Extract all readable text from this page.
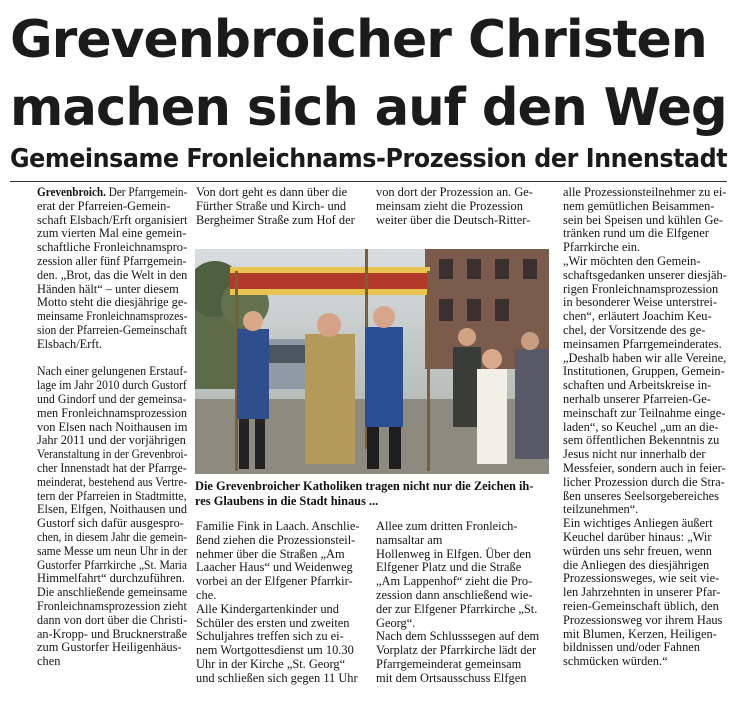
Grevenbroicher Christen
machen sich auf den Weg
Gemeinsame Fronleichnams-Prozession der Innenstadt

Grevenbroich. Der Pfarrgemein-

erat der Pfarreien-Gemein-

schaft Elsbach/Erft organisiert

zum vierten Mal eine gemein-

schaftliche Fronleichnamspro-

zession aller fünf Pfarrgemein-

den. „Brot, das die Welt in den

Händen hält“ – unter diesem

Motto steht die diesjährige ge-

meinsame Fronleichnamsprozes-

sion der Pfarreien-Gemeinschaft

Elsbach/Erft.

Nach einer gelungenen Erstauf-

lage im Jahr 2010 durch Gustorf

und Gindorf und der gemeinsa-

men Fronleichnamsprozession

von Elsen nach Noithausen im

Jahr 2011 und der vorjährigen

Veranstaltung in der Grevenbroi-

cher Innenstadt hat der Pfarrge-

meinderat, bestehend aus Vertre-

tern der Pfarreien in Stadtmitte,

Elsen, Elfgen, Noithausen und

Gustorf sich dafür ausgespro-

chen, in diesem Jahr die gemein-

same Messe um neun Uhr in der

Gustorfer Pfarrkirche „St. Maria

Himmelfahrt“ durchzuführen.

Die anschließende gemeinsame

Fronleichnamsprozession zieht

dann von dort über die Christi-

an-Kropp- und Brucknerstraße

zum Gustorfer Heiligenhäus-

chen

Von dort geht es dann über die

Fürther Straße und Kirch- und

Bergheimer Straße zum Hof der

von dort der Prozession an. Ge-

meinsam zieht die Prozession

weiter über die Deutsch-Ritter-

Die Grevenbroicher Katholiken tragen nicht nur die Zeichen ih-

res Glaubens in die Stadt hinaus ...

Familie Fink in Laach. Anschlie-

ßend ziehen die Prozessionsteil-

nehmer über die Straßen „Am

Laacher Haus“ und Weidenweg

vorbei an der Elfgener Pfarrkir-

che.

Alle Kindergartenkinder und

Schüler des ersten und zweiten

Schuljahres treffen sich zu ei-

nem Wortgottesdienst um 10.30

Uhr in der Kirche „St. Georg“

und schließen sich gegen 11 Uhr

Allee zum dritten Fronleich-

namsaltar am

Hollenweg in Elfgen. Über den

Elfgener Platz und die Straße

„Am Lappenhof“ zieht die Pro-

zession dann anschließend wie-

der zur Elfgener Pfarrkirche „St.

Georg“.

Nach dem Schlusssegen auf dem

Vorplatz der Pfarrkirche lädt der

Pfarrgemeinderat gemeinsam

mit dem Ortsausschuss Elfgen

alle Prozessionsteilnehmer zu ei-

nem gemütlichen Beisammen-

sein bei Speisen und kühlen Ge-

tränken rund um die Elfgener

Pfarrkirche ein.

„Wir möchten den Gemein-

schaftsgedanken unserer diesjäh-

rigen Fronleichnamsprozession

in besonderer Weise unterstrei-

chen“, erläutert Joachim Keu-

chel, der Vorsitzende des ge-

meinsamen Pfarrgemeinderates.

„Deshalb haben wir alle Vereine,

Institutionen, Gruppen, Gemein-

schaften und Arbeitskreise in-

nerhalb unserer Pfarreien-Ge-

meinschaft zur Teilnahme einge-

laden“, so Keuchel „um an die-

sem öffentlichen Bekenntnis zu

Jesus nicht nur innerhalb der

Messfeier, sondern auch in feier-

licher Prozession durch die Stra-

ßen unseres Seelsorgebereiches

teilzunehmen“.

Ein wichtiges Anliegen äußert

Keuchel darüber hinaus: „Wir

würden uns sehr freuen, wenn

die Anliegen des diesjährigen

Prozessionsweges, wie seit vie-

len Jahrzehnten in unserer Pfar-

reien-Gemeinschaft üblich, den

Prozessionsweg vor ihrem Haus

mit Blumen, Kerzen, Heiligen-

bildnissen und/oder Fahnen

schmücken würden.“
